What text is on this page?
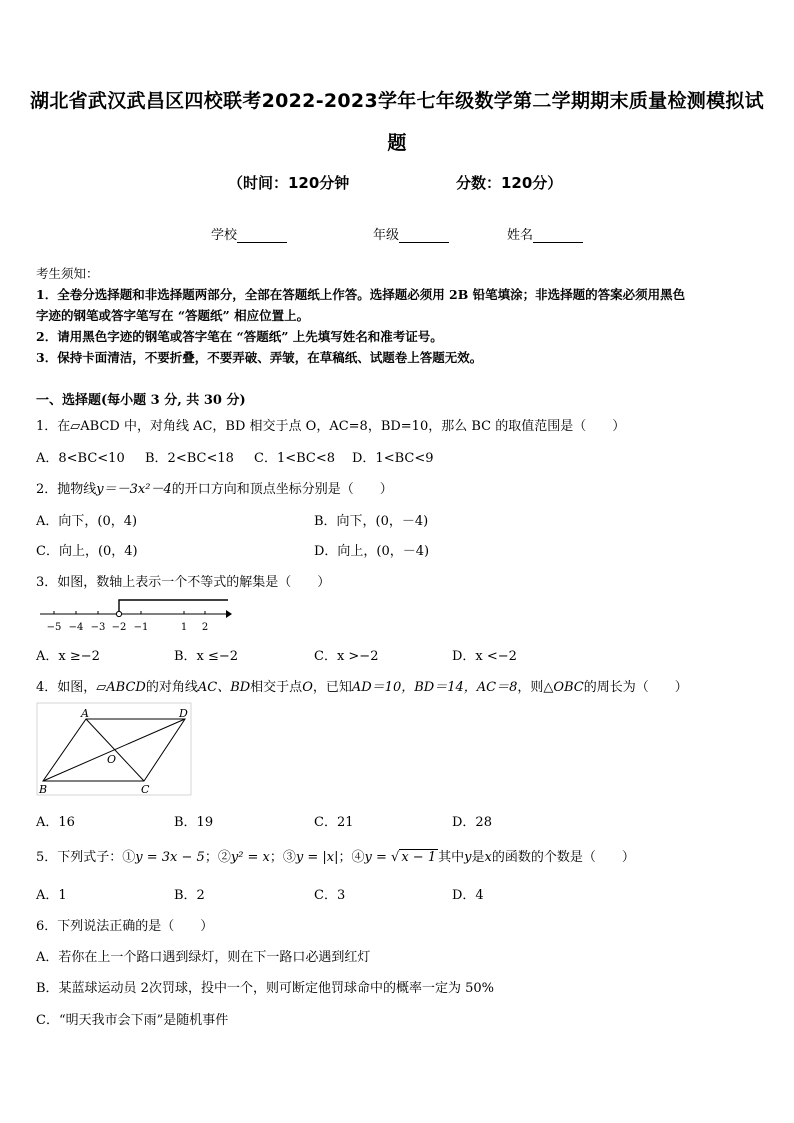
湖北省武汉武昌区四校联考2022-2023学年七年级数学第二学期期末质量检测模拟试
题
（时间：120分钟	分数：120分）
学校	年级	姓名
考生须知：
1．全卷分选择题和非选择题两部分，全部在答题纸上作答。选择题必须用 2B 铅笔填涂；非选择题的答案必须用黑色
字迹的钢笔或答字笔写在 “答题纸” 相应位置上。
2．请用黑色字迹的钢笔或答字笔在 “答题纸” 上先填写姓名和准考证号。
3．保持卡面清洁，不要折叠，不要弄破、弄皱，在草稿纸、试题卷上答题无效。
一、选择题(每小题 3 分, 共 30 分)
1．在▱ABCD 中，对角线 AC，BD 相交于点 O，AC=8，BD=10，那么 BC 的取值范围是（　　）
A．8<BC<10 B．2<BC<18 C．1<BC<8 D．1<BC<9
2．抛物线y＝－3x²－4的开口方向和顶点坐标分别是（　　）
A．向下，(0，4)	B．向下，(0，－4)
C．向上，(0，4)	D．向上，(0，－4)
3．如图，数轴上表示一个不等式的解集是（　　）
−5 −4 −3 −2 −1	1 2
A．x ≥−2	B．x ≤−2	C．x >−2	D．x <−2
4．如图，▱ABCD的对角线AC、BD相交于点O，已知AD＝10，BD＝14，AC＝8，则△OBC的周长为（　　）
A	D
B	C
O
A．16	B．19	C．21	D．28
5．下列式子：①y = 3x − 5；②y² = x；③y = |x|；④y = √ x − 1 其中y是x的函数的个数是（　　）
A．1	B．2	C．3	D．4
6．下列说法正确的是（　　）
A．若你在上一个路口遇到绿灯，则在下一路口必遇到红灯
B．某蓝球运动员 2次罚球，投中一个，则可断定他罚球命中的概率一定为 50%
C．“明天我市会下雨”是随机事件
